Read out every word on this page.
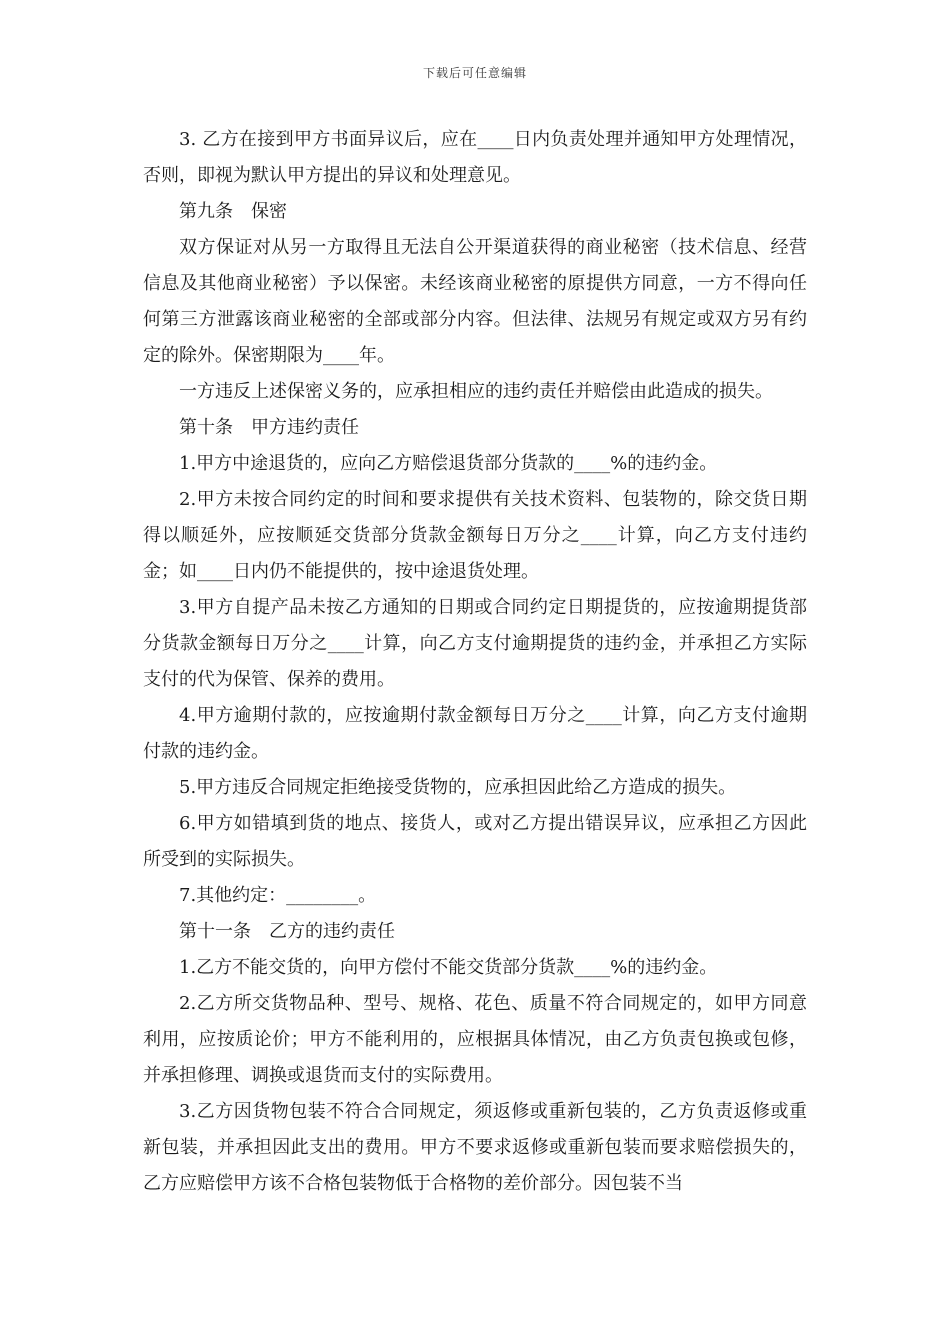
下载后可任意编辑

3. 乙方在接到甲方书面异议后，应在____日内负责处理并通知甲方处理情况，否则，即视为默认甲方提出的异议和处理意见。

第九条　保密

双方保证对从另一方取得且无法自公开渠道获得的商业秘密（技术信息、经营信息及其他商业秘密）予以保密。未经该商业秘密的原提供方同意，一方不得向任何第三方泄露该商业秘密的全部或部分内容。但法律、法规另有规定或双方另有约定的除外。保密期限为____年。

一方违反上述保密义务的，应承担相应的违约责任并赔偿由此造成的损失。

第十条　甲方违约责任

1.甲方中途退货的，应向乙方赔偿退货部分货款的____%的违约金。

2.甲方未按合同约定的时间和要求提供有关技术资料、包装物的，除交货日期得以顺延外，应按顺延交货部分货款金额每日万分之____计算，向乙方支付违约金；如____日内仍不能提供的，按中途退货处理。

3.甲方自提产品未按乙方通知的日期或合同约定日期提货的，应按逾期提货部分货款金额每日万分之____计算，向乙方支付逾期提货的违约金，并承担乙方实际支付的代为保管、保养的费用。

4.甲方逾期付款的，应按逾期付款金额每日万分之____计算，向乙方支付逾期付款的违约金。

5.甲方违反合同规定拒绝接受货物的，应承担因此给乙方造成的损失。

6.甲方如错填到货的地点、接货人，或对乙方提出错误异议，应承担乙方因此所受到的实际损失。

7.其他约定：________。

第十一条　乙方的违约责任

1.乙方不能交货的，向甲方偿付不能交货部分货款____%的违约金。

2.乙方所交货物品种、型号、规格、花色、质量不符合同规定的，如甲方同意利用，应按质论价；甲方不能利用的，应根据具体情况，由乙方负责包换或包修，并承担修理、调换或退货而支付的实际费用。

3.乙方因货物包装不符合合同规定，须返修或重新包装的，乙方负责返修或重新包装，并承担因此支出的费用。甲方不要求返修或重新包装而要求赔偿损失的，乙方应赔偿甲方该不合格包装物低于合格物的差价部分。因包装不当
